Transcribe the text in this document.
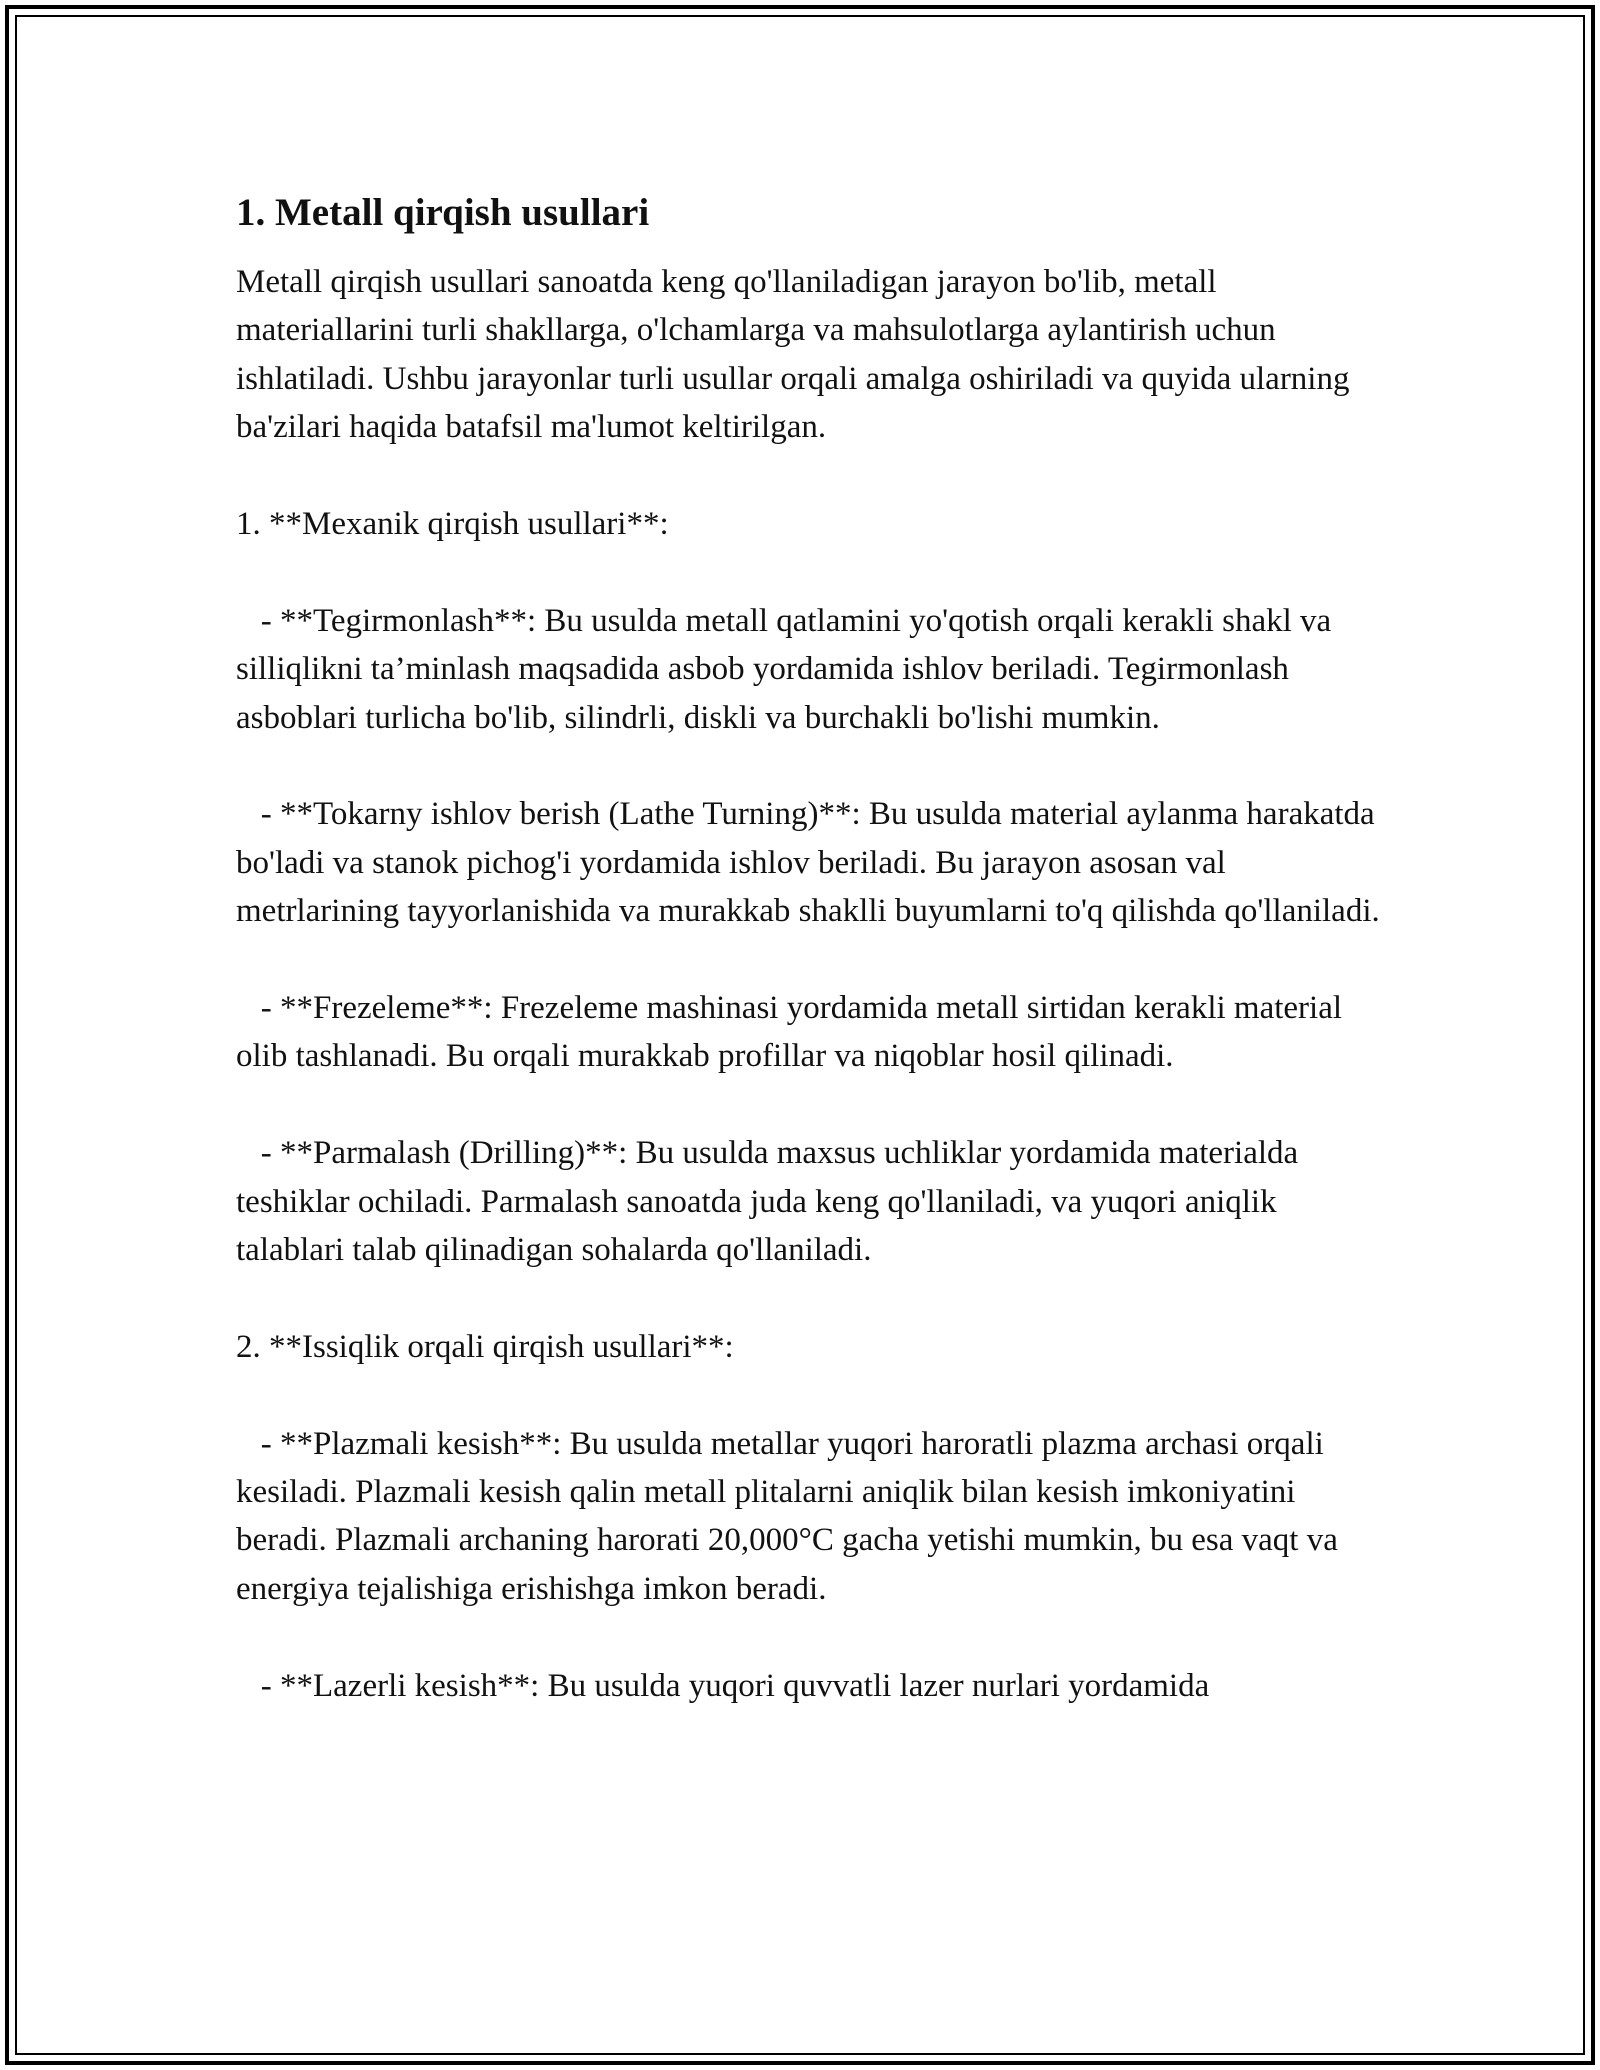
1. Metall qirqish usullari

Metall qirqish usullari sanoatda keng qo'llaniladigan jarayon bo'lib, metall materiallarini turli shakllarga, o'lchamlarga va mahsulotlarga aylantirish uchun ishlatiladi. Ushbu jarayonlar turli usullar orqali amalga oshiriladi va quyida ularning ba'zilari haqida batafsil ma'lumot keltirilgan.

1. **Mexanik qirqish usullari**:

- **Tegirmonlash**: Bu usulda metall qatlamini yo'qotish orqali kerakli shakl va silliqlikni ta’minlash maqsadida asbob yordamida ishlov beriladi. Tegirmonlash asboblari turlicha bo'lib, silindrli, diskli va burchakli bo'lishi mumkin.

- **Tokarny ishlov berish (Lathe Turning)**: Bu usulda material aylanma harakatda bo'ladi va stanok pichog'i yordamida ishlov beriladi. Bu jarayon asosan val metrlarining tayyorlanishida va murakkab shaklli buyumlarni to'q qilishda qo'llaniladi.

- **Frezeleme**: Frezeleme mashinasi yordamida metall sirtidan kerakli material olib tashlanadi. Bu orqali murakkab profillar va niqoblar hosil qilinadi.

- **Parmalash (Drilling)**: Bu usulda maxsus uchliklar yordamida materialda teshiklar ochiladi. Parmalash sanoatda juda keng qo'llaniladi, va yuqori aniqlik talablari talab qilinadigan sohalarda qo'llaniladi.

2. **Issiqlik orqali qirqish usullari**:

- **Plazmali kesish**: Bu usulda metallar yuqori haroratli plazma archasi orqali kesiladi. Plazmali kesish qalin metall plitalarni aniqlik bilan kesish imkoniyatini beradi. Plazmali archaning harorati 20,000°C gacha yetishi mumkin, bu esa vaqt va energiya tejalishiga erishishga imkon beradi.

- **Lazerli kesish**: Bu usulda yuqori quvvatli lazer nurlari yordamida
